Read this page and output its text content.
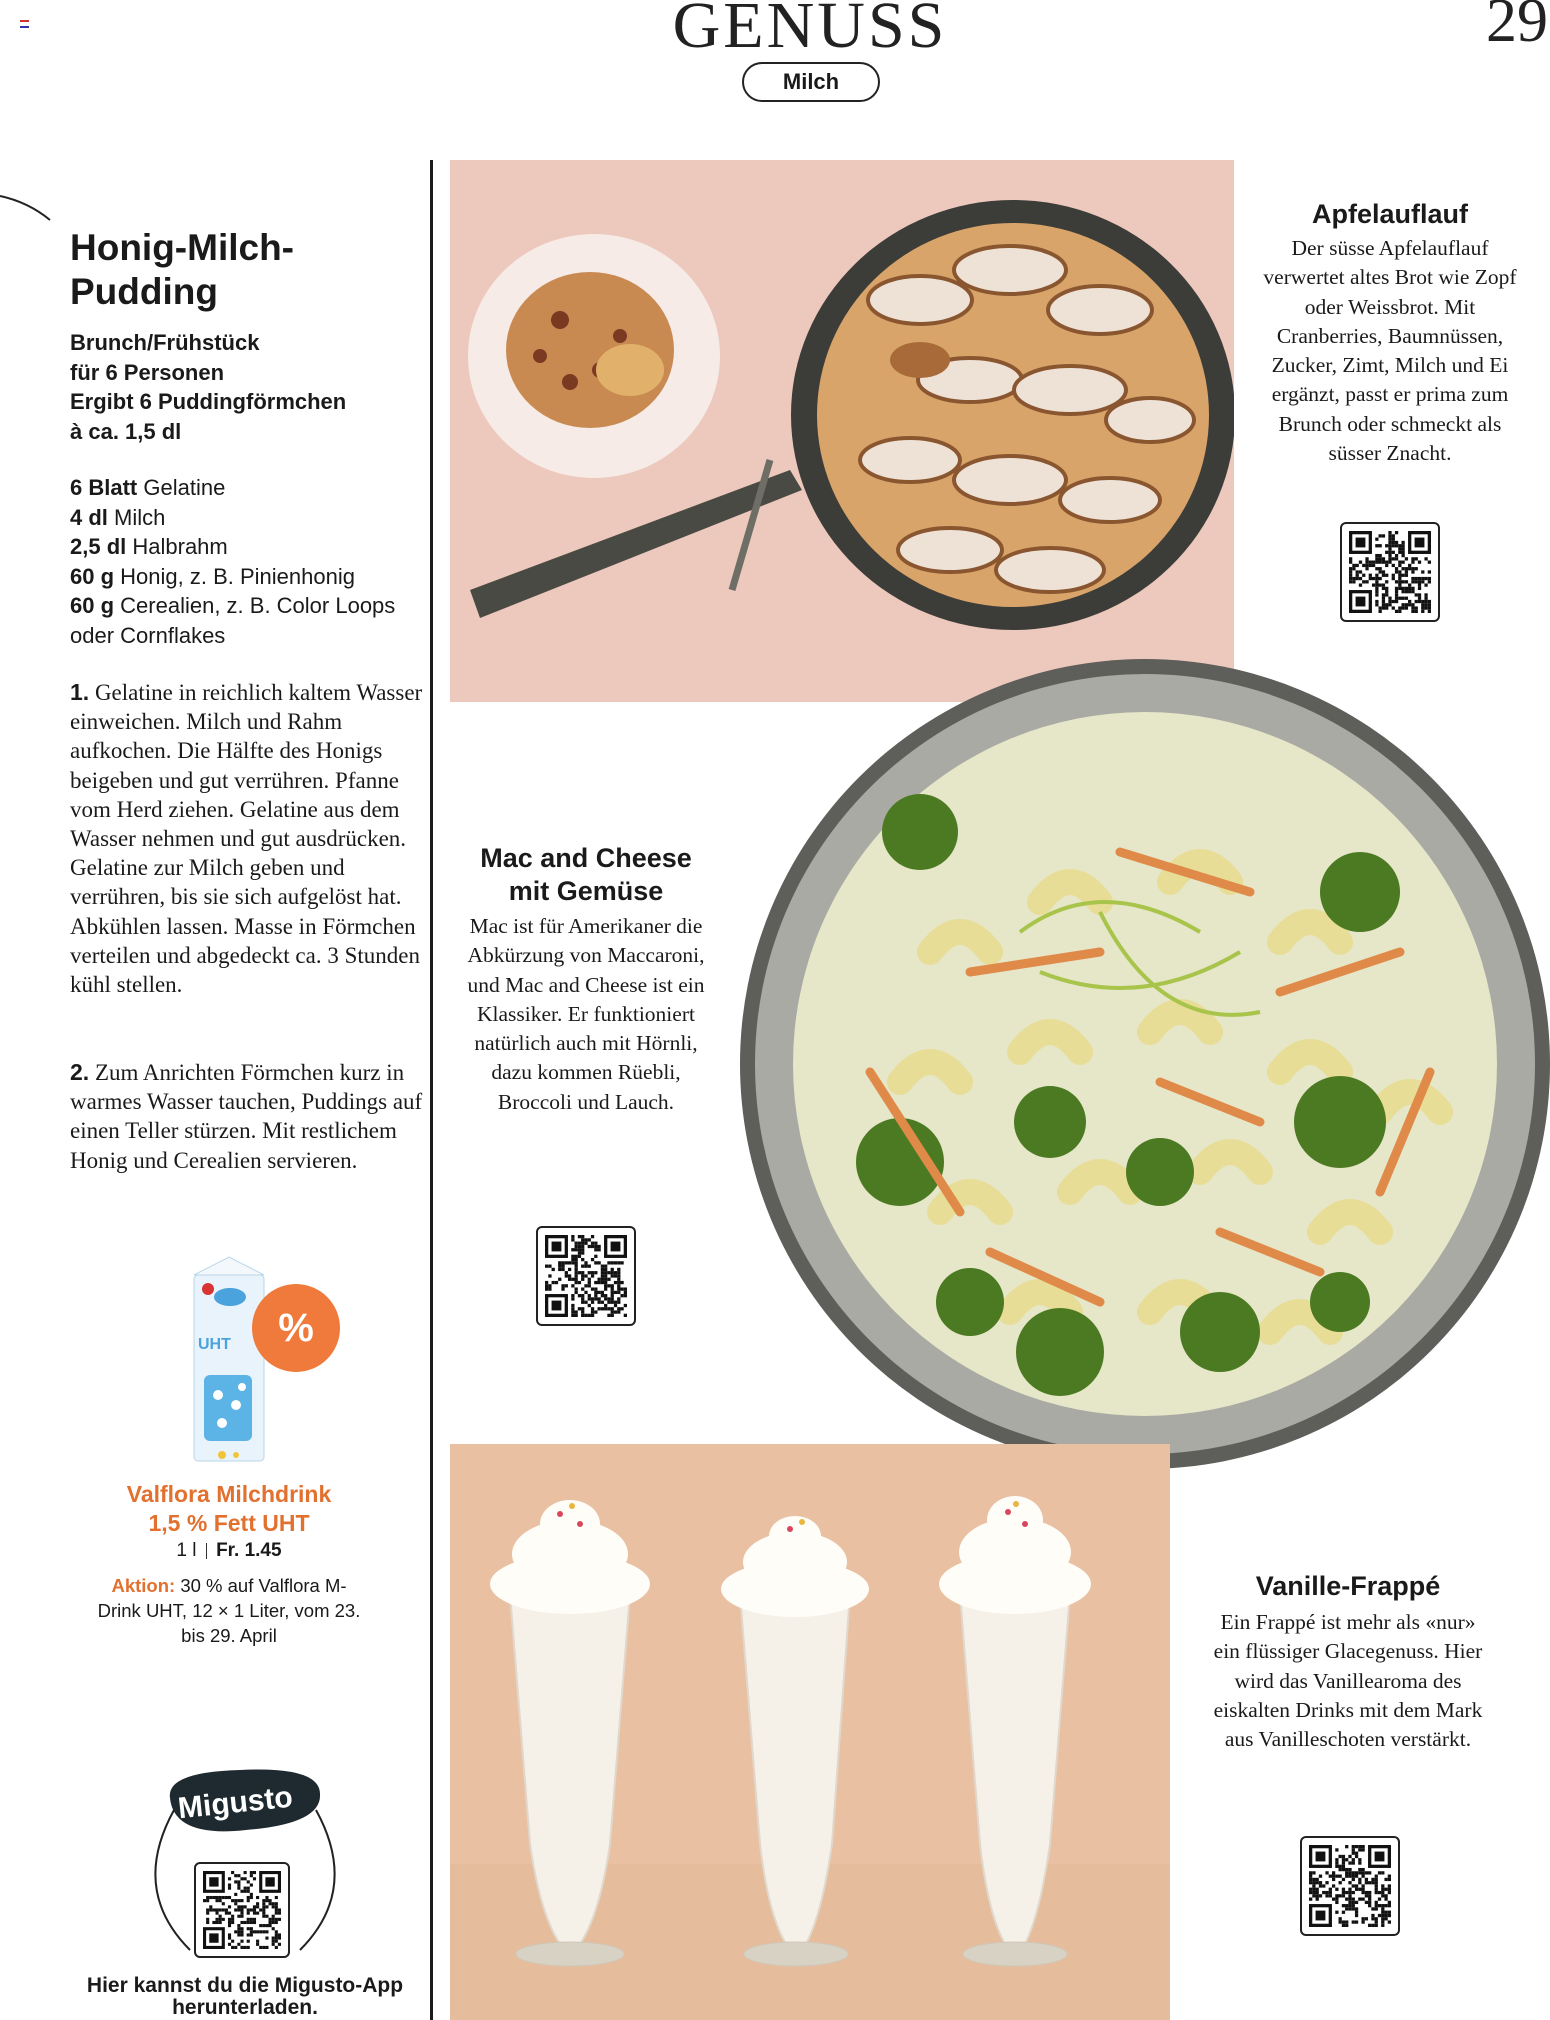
GENUSS	29
Milch
Honig-Milch-Pudding
Brunch/Frühstück
für 6 Personen
Ergibt 6 Puddingförmchen
à ca. 1,5 dl
6 Blatt Gelatine
4 dl Milch
2,5 dl Halbrahm
60 g Honig, z. B. Pinienhonig
60 g Cerealien, z. B. Color Loops oder Cornflakes
1. Gelatine in reichlich kaltem Wasser einweichen. Milch und Rahm aufkochen. Die Hälfte des Honigs beigeben und gut verrühren. Pfanne vom Herd ziehen. Gelatine aus dem Wasser nehmen und gut ausdrücken. Gelatine zur Milch geben und verrühren, bis sie sich aufgelöst hat. Abkühlen lassen. Masse in Förmchen verteilen und abgedeckt ca. 3 Stunden kühl stellen.
2. Zum Anrichten Förmchen kurz in warmes Wasser tauchen, Puddings auf einen Teller stürzen. Mit restlichem Honig und Cerealien servieren.
UHT	%
Valflora Milchdrink
1,5 % Fett UHT
1 l Fr. 1.45
Aktion: 30 % auf Valflora M-Drink UHT, 12 × 1 Liter, vom 23. bis 29. April
Migusto
Hier kannst du die Migusto-App herunterladen.
Apfelauflauf
Der süsse Apfelauflauf verwertet altes Brot wie Zopf oder Weissbrot. Mit Cranberries, Baumnüssen, Zucker, Zimt, Milch und Ei ergänzt, passt er prima zum Brunch oder schmeckt als süsser Znacht.
Mac and Cheese mit Gemüse
Mac ist für Amerikaner die Abkürzung von Maccaroni, und Mac and Cheese ist ein Klassiker. Er funktioniert natürlich auch mit Hörnli, dazu kommen Rüebli, Broccoli und Lauch.
Vanille-Frappé
Ein Frappé ist mehr als «nur» ein flüssiger Glacegenuss. Hier wird das Vanillearoma des eiskalten Drinks mit dem Mark aus Vanilleschoten verstärkt.
